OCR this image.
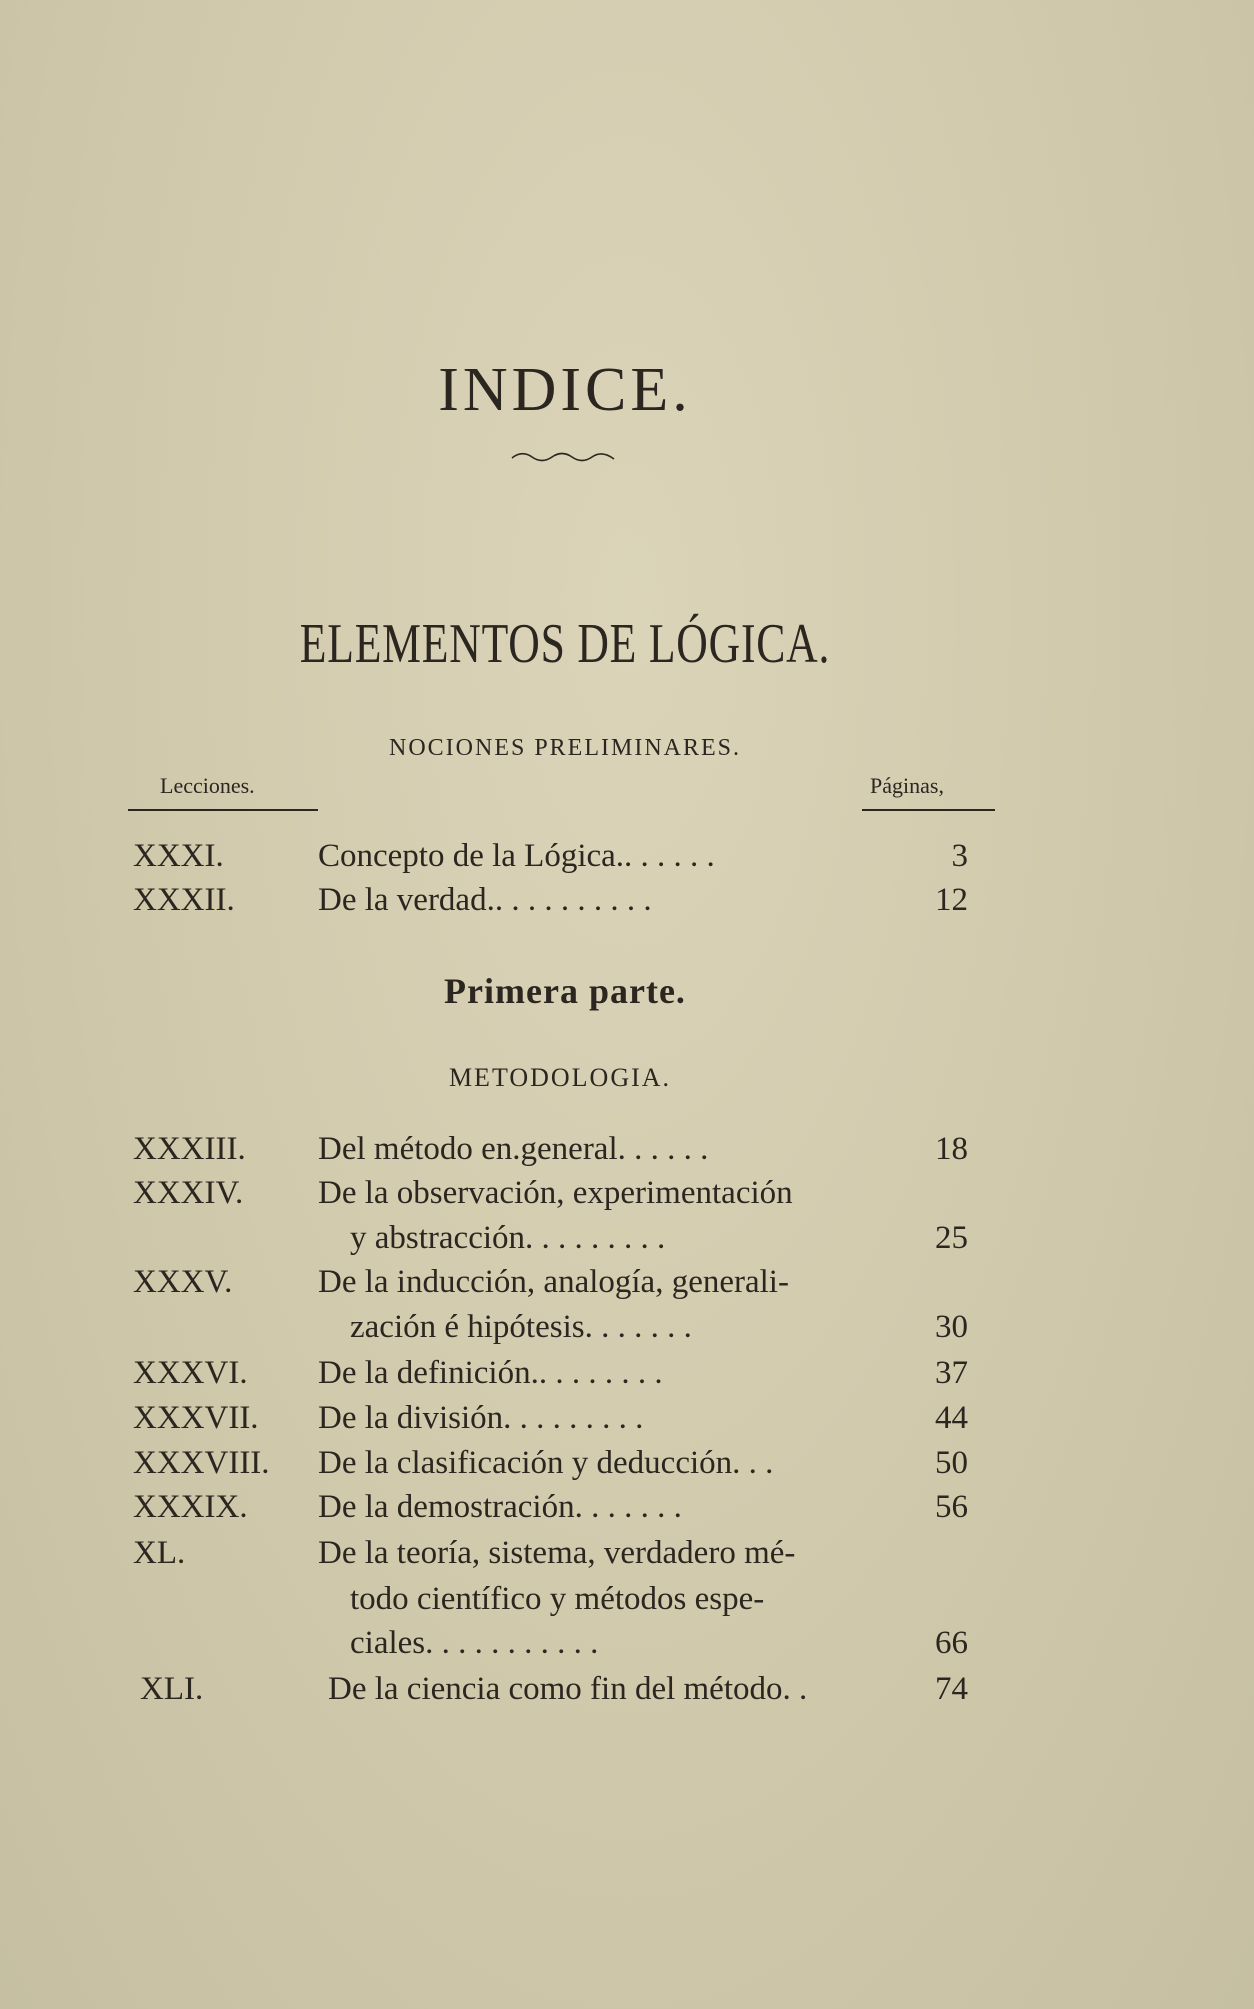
INDICE.
ELEMENTOS DE LÓGICA.
NOCIONES PRELIMINARES.
Lecciones.	Páginas,
XXXI.	Concepto de la Lógica.. . . . . .	3
XXXII.	De la verdad.. . . . . . . . . .	12
Primera parte.
METODOLOGIA.
XXXIII. Del método en.general. . . . . .	18
XXXIV. De la observación, experimentación
y abstracción. . . . . . . . .	25
XXXV.	De la inducción, analogía, generali-
zación é hipótesis. . . . . . .	30
XXXVI. De la definición.. . . . . . . .	37
XXXVII. De la división. . . . . . . . .	44
XXXVIII. De la clasificación y deducción. . .	50
XXXIX. De la demostración. . . . . . .	56
XL.	De la teoría, sistema, verdadero mé-
todo científico y métodos espe-
ciales. . . . . . . . . . .	66
XLI.	De la ciencia como fin del método. .	74
